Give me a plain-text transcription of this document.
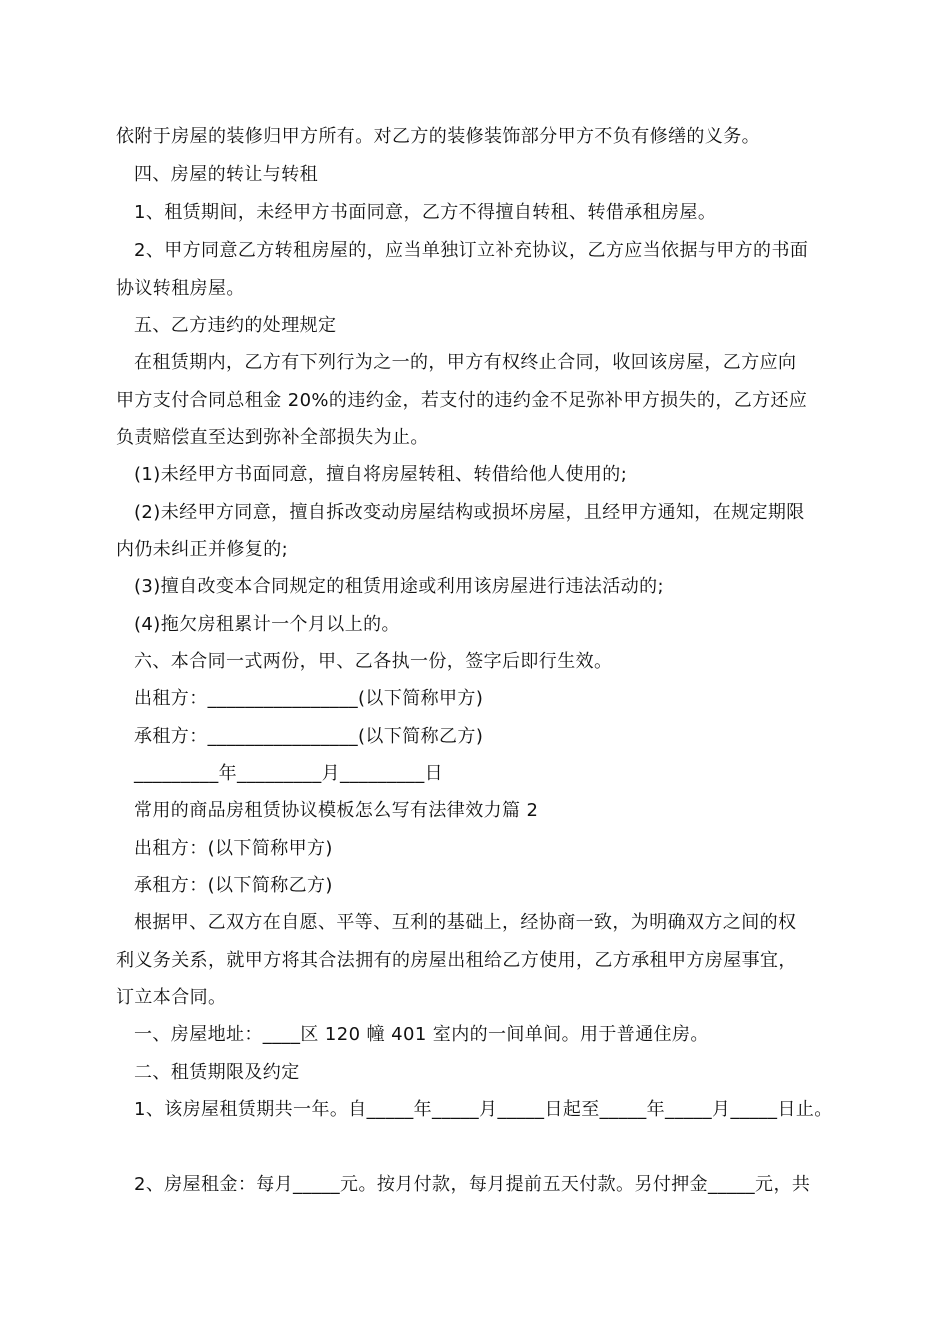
依附于房屋的装修归甲方所有。对乙方的装修装饰部分甲方不负有修缮的义务。
四、房屋的转让与转租
1、租赁期间，未经甲方书面同意，乙方不得擅自转租、转借承租房屋。
2、甲方同意乙方转租房屋的，应当单独订立补充协议，乙方应当依据与甲方的书面
协议转租房屋。
五、乙方违约的处理规定
在租赁期内，乙方有下列行为之一的，甲方有权终止合同，收回该房屋，乙方应向
甲方支付合同总租金 20%的违约金，若支付的违约金不足弥补甲方损失的，乙方还应
负责赔偿直至达到弥补全部损失为止。
(1)未经甲方书面同意，擅自将房屋转租、转借给他人使用的;
(2)未经甲方同意，擅自拆改变动房屋结构或损坏房屋，且经甲方通知，在规定期限
内仍未纠正并修复的;
(3)擅自改变本合同规定的租赁用途或利用该房屋进行违法活动的;
(4)拖欠房租累计一个月以上的。
六、本合同一式两份，甲、乙各执一份，签字后即行生效。
出租方：________________(以下简称甲方)
承租方：________________(以下简称乙方)
_________年_________月_________日
常用的商品房租赁协议模板怎么写有法律效力篇 2
出租方：(以下简称甲方)
承租方：(以下简称乙方)
根据甲、乙双方在自愿、平等、互利的基础上，经协商一致，为明确双方之间的权
利义务关系，就甲方将其合法拥有的房屋出租给乙方使用，乙方承租甲方房屋事宜，
订立本合同。
一、房屋地址：____区 120 幢 401 室内的一间单间。用于普通住房。
二、租赁期限及约定
1、该房屋租赁期共一年。自_____年_____月_____日起至_____年_____月_____日止。
2、房屋租金：每月_____元。按月付款，每月提前五天付款。另付押金_____元，共
